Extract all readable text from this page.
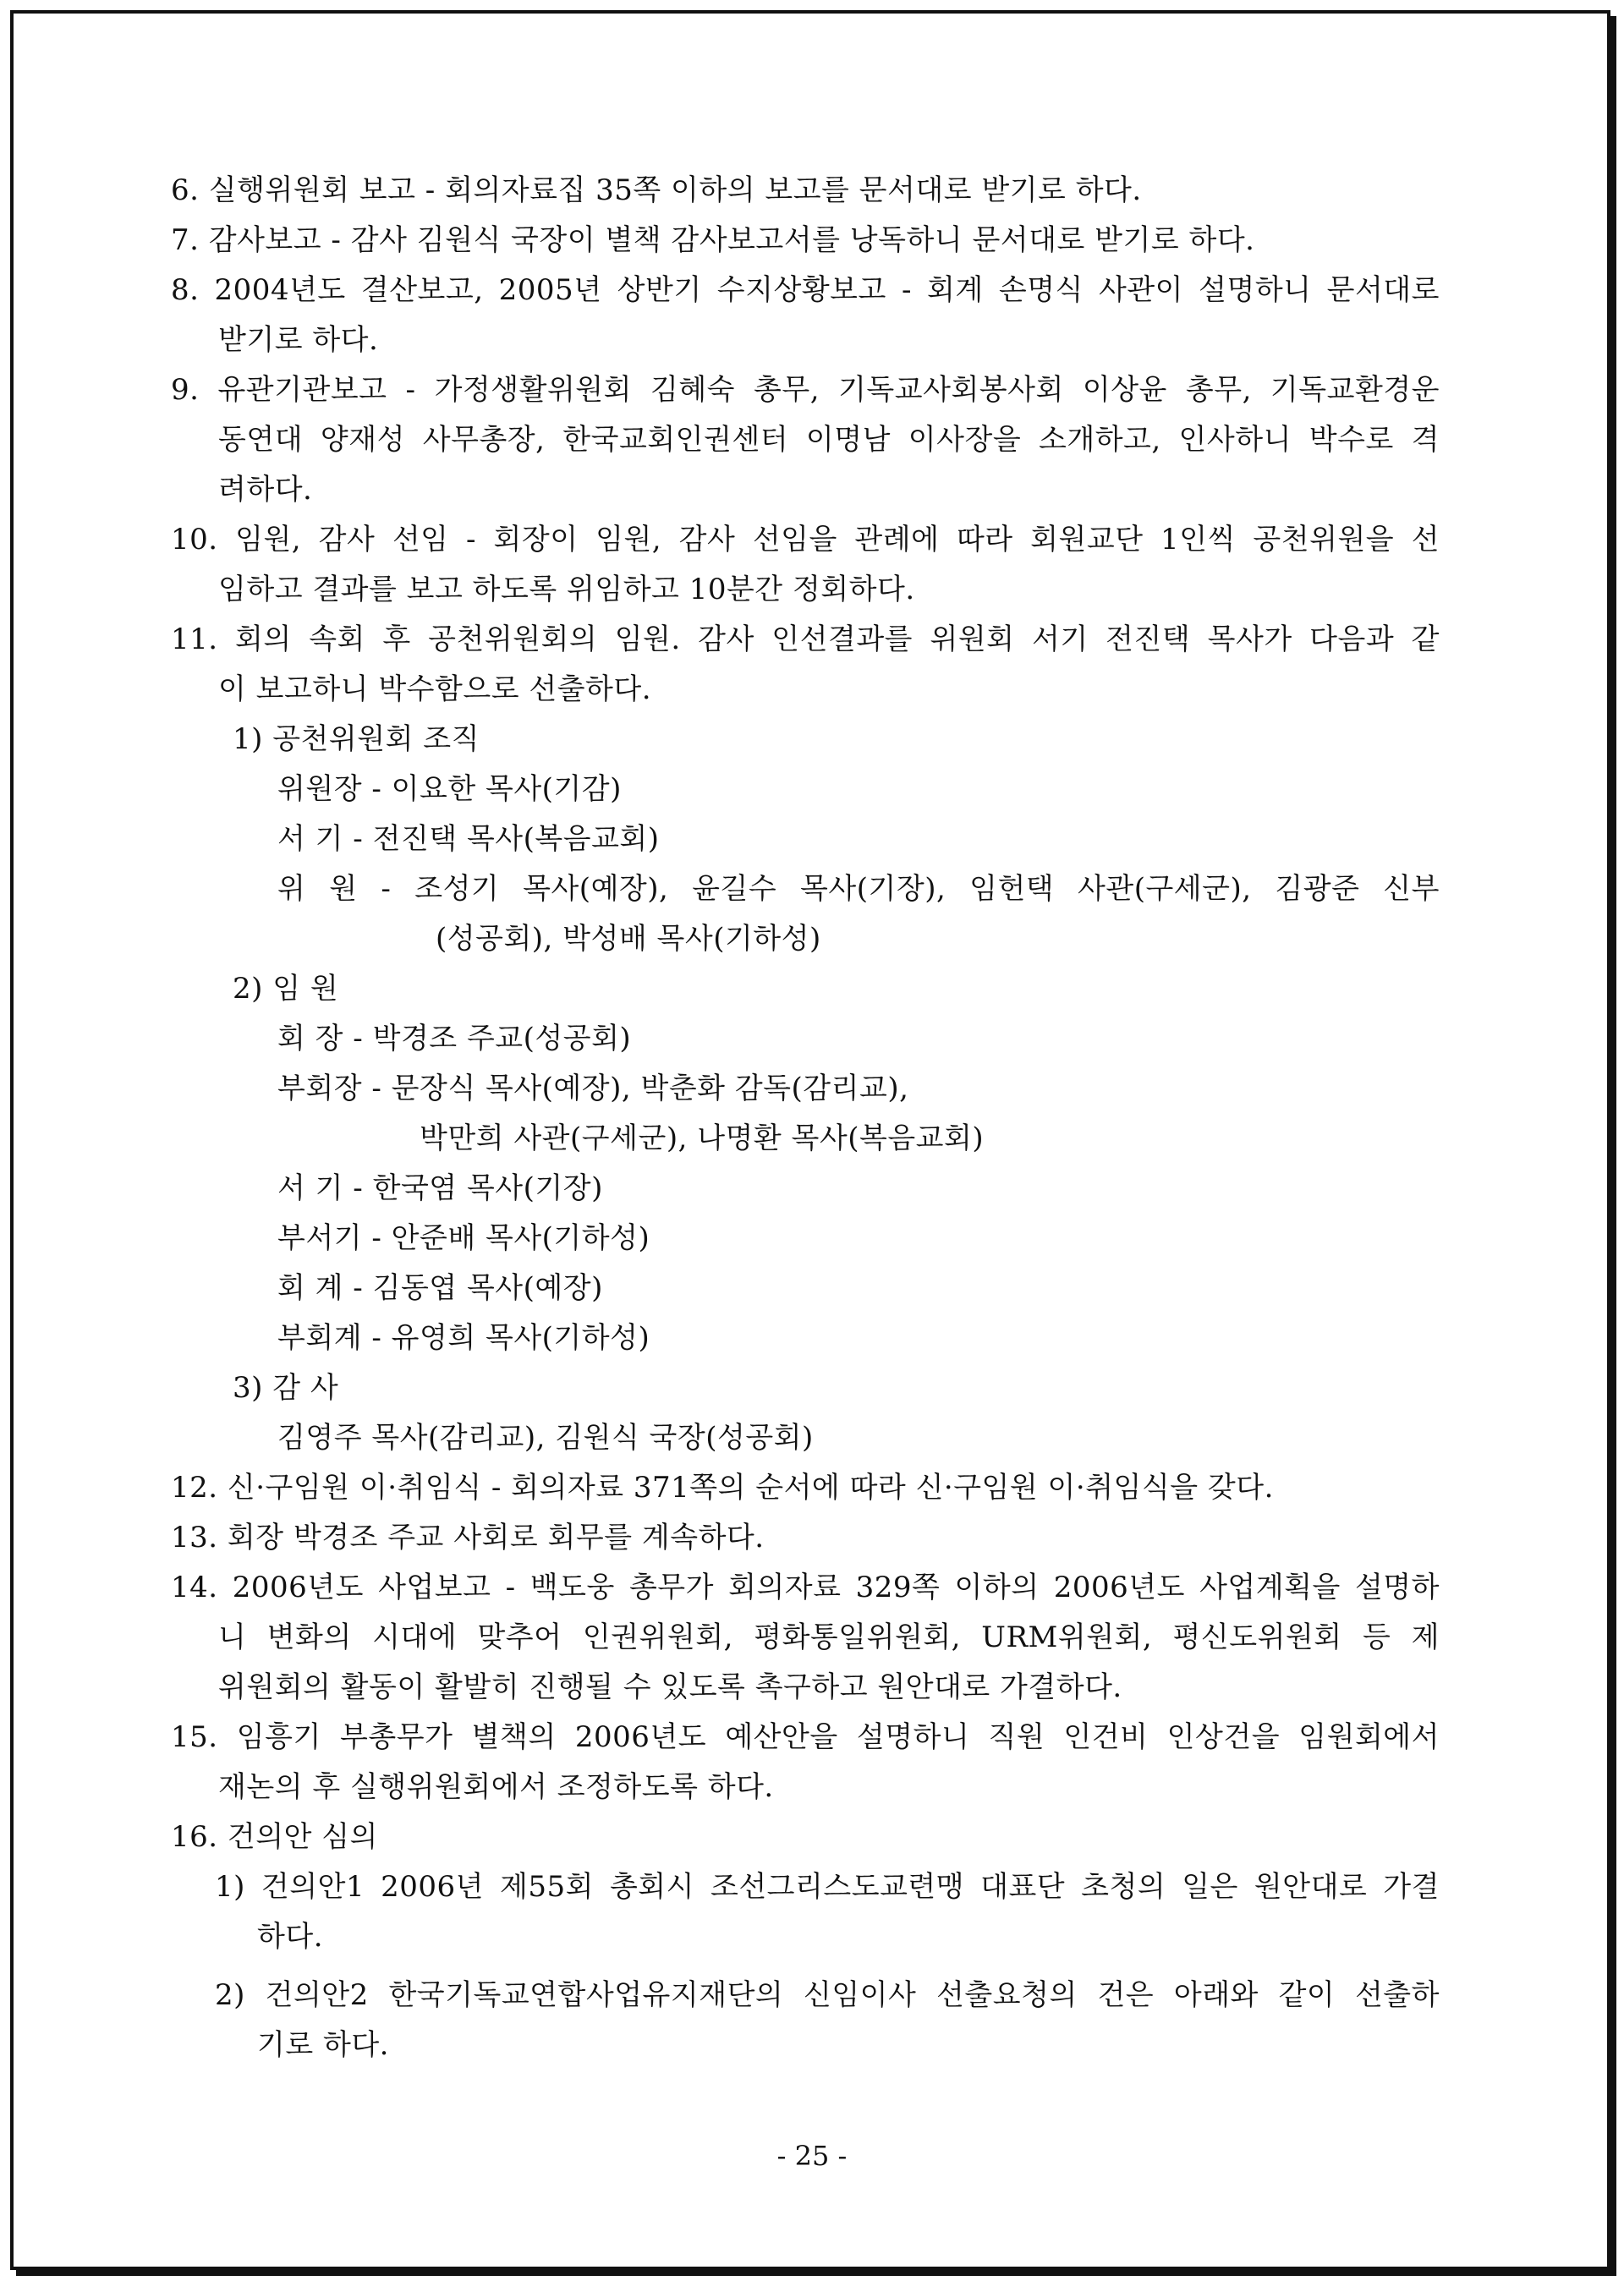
6. 실행위원회 보고 - 회의자료집 35쪽 이하의 보고를 문서대로 받기로 하다.
7. 감사보고 - 감사 김원식 국장이 별책 감사보고서를 낭독하니 문서대로 받기로 하다.
8. 2004년도 결산보고, 2005년 상반기 수지상황보고 - 회계 손명식 사관이 설명하니 문서대로
받기로 하다.
9. 유관기관보고 - 가정생활위원회 김혜숙 총무, 기독교사회봉사회 이상윤 총무, 기독교환경운
동연대 양재성 사무총장, 한국교회인권센터 이명남 이사장을 소개하고, 인사하니 박수로 격
려하다.
10. 임원, 감사 선임 - 회장이 임원, 감사 선임을 관례에 따라 회원교단 1인씩 공천위원을 선
임하고 결과를 보고 하도록 위임하고 10분간 정회하다.
11. 회의 속회 후 공천위원회의 임원. 감사 인선결과를 위원회 서기 전진택 목사가 다음과 같
이 보고하니 박수함으로 선출하다.
1) 공천위원회 조직
위원장 - 이요한 목사(기감)
서 기 - 전진택 목사(복음교회)
위 원 - 조성기 목사(예장), 윤길수 목사(기장), 임헌택 사관(구세군), 김광준 신부
(성공회), 박성배 목사(기하성)
2) 임 원
회 장 - 박경조 주교(성공회)
부회장 - 문장식 목사(예장), 박춘화 감독(감리교),
박만희 사관(구세군), 나명환 목사(복음교회)
서 기 - 한국염 목사(기장)
부서기 - 안준배 목사(기하성)
회 계 - 김동엽 목사(예장)
부회계 - 유영희 목사(기하성)
3) 감 사
김영주 목사(감리교), 김원식 국장(성공회)
12. 신·구임원 이·취임식 - 회의자료 371쪽의 순서에 따라 신·구임원 이·취임식을 갖다.
13. 회장 박경조 주교 사회로 회무를 계속하다.
14. 2006년도 사업보고 - 백도웅 총무가 회의자료 329쪽 이하의 2006년도 사업계획을 설명하
니 변화의 시대에 맞추어 인권위원회, 평화통일위원회, URM위원회, 평신도위원회 등 제
위원회의 활동이 활발히 진행될 수 있도록 촉구하고 원안대로 가결하다.
15. 임흥기 부총무가 별책의 2006년도 예산안을 설명하니 직원 인건비 인상건을 임원회에서
재논의 후 실행위원회에서 조정하도록 하다.
16. 건의안 심의
1) 건의안1 2006년 제55회 총회시 조선그리스도교련맹 대표단 초청의 일은 원안대로 가결
하다.
2) 건의안2 한국기독교연합사업유지재단의 신임이사 선출요청의 건은 아래와 같이 선출하
기로 하다.
- 25 -
